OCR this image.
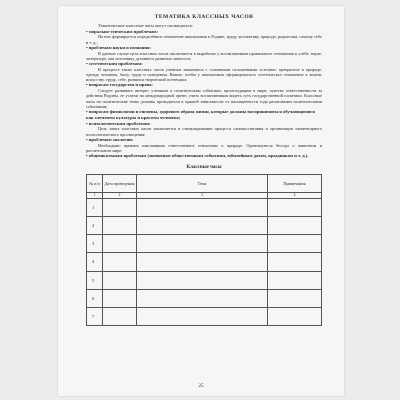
ТЕМАТИКА КЛАССНЫХ ЧАСОВ

Тематические классные часы могут посвящаться:

• морально-этическим проблемам:

На них формируется определённое отношение школьников к Родине, труду, коллективу, природе, родителям, самому себе и т. д.;

• проблемам науки и познания:

В данном случае цель классных часов заключается в выработке у воспитанников правильного отношения к учёбе, науке, литературе, как источнику духовного развития личности;

• эстетическим проблемам:

В процессе таких классных часов ученики знакомятся с основными положениями эстетики: прекрасное в природе, одежде человека, быту, труде и поведении. Важно, чтобы у школьников сформировалось эстетическое отношение к жизни, искусству, труду, себе, развился творческий потенциал;

• вопросам государства и права:

Следует развивать интерес учеников к политическим событиям, происходящим в мире, чувство ответственности за действия Родины, ее успехи на международной арене; учить воспитанников видеть суть государственной политики. Классные часы на политические темы должны проводиться в прямой зависимости от насыщенности года различными политическими событиями;

• вопросам физиологии и гигиены, здорового образа жизни, которые должны восприниматься обучающимися как элементы культуры и красоты человека;

• психологическим проблемам:

Цель таких классных часов заключается в стимулировании процесса самовоспитания и организации элементарного психологического просвещения;

• проблемам экологии:

Необходимо привить школьникам ответственное отношение к природе. Организуются беседы о животном и растительном мире;

• общешкольным проблемам (значимым общественным событиям, юбилейным датам, праздникам и т. д.).

Классные часы
№ п/п	Дата проведения	Тема	Примечания
1	2	3	4
1			
2			
3			
4			
5			
6			
7			
25
